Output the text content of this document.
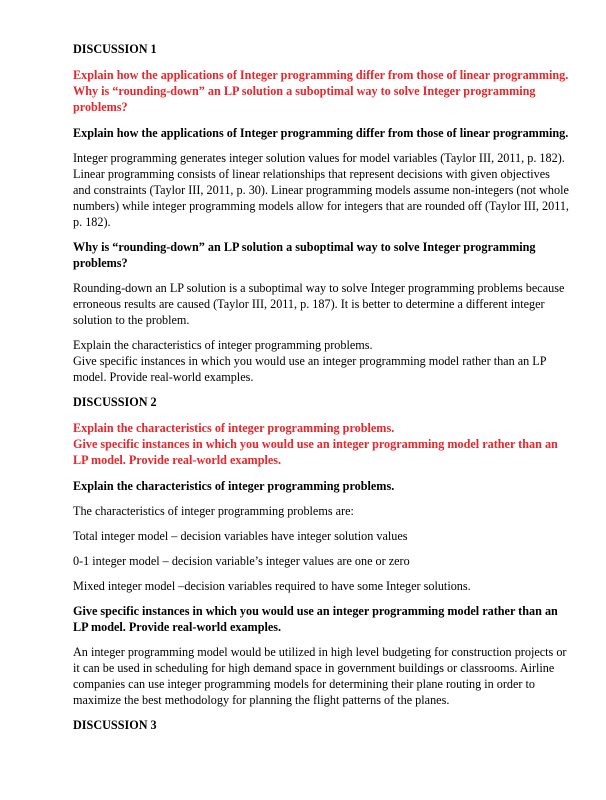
DISCUSSION 1
Explain how the applications of Integer programming differ from those of linear programming.
Why is “rounding-down” an LP solution a suboptimal way to solve Integer programming problems?
Explain how the applications of Integer programming differ from those of linear programming.
Integer programming generates integer solution values for model variables (Taylor III, 2011, p. 182). Linear programming consists of linear relationships that represent decisions with given objectives and constraints (Taylor III, 2011, p. 30). Linear programming models assume non-integers (not whole numbers) while integer programming models allow for integers that are rounded off (Taylor III, 2011, p. 182).
Why is “rounding-down” an LP solution a suboptimal way to solve Integer programming problems?
Rounding-down an LP solution is a suboptimal way to solve Integer programming problems because erroneous results are caused (Taylor III, 2011, p. 187). It is better to determine a different integer solution to the problem.
Explain the characteristics of integer programming problems.
Give specific instances in which you would use an integer programming model rather than an LP model. Provide real-world examples.
DISCUSSION 2
Explain the characteristics of integer programming problems.
Give specific instances in which you would use an integer programming model rather than an LP model. Provide real-world examples.
Explain the characteristics of integer programming problems.
The characteristics of integer programming problems are:
Total integer model – decision variables have integer solution values
0-1 integer model – decision variable’s integer values are one or zero
Mixed integer model –decision variables required to have some Integer solutions.
Give specific instances in which you would use an integer programming model rather than an LP model. Provide real-world examples.
An integer programming model would be utilized in high level budgeting for construction projects or it can be used in scheduling for high demand space in government buildings or classrooms. Airline companies can use integer programming models for determining their plane routing in order to maximize the best methodology for planning the flight patterns of the planes.
DISCUSSION 3
